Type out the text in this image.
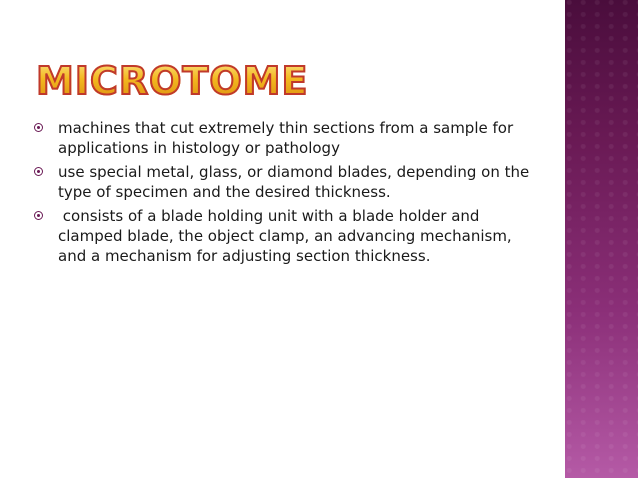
MICROTOME
machines that cut extremely thin sections from a sample for applications in histology or pathology
use special metal, glass, or diamond blades, depending on the type of specimen and the desired thickness.
consists of a blade holding unit with a blade holder and clamped blade, the object clamp, an advancing mechanism, and a mechanism for adjusting section thickness.
